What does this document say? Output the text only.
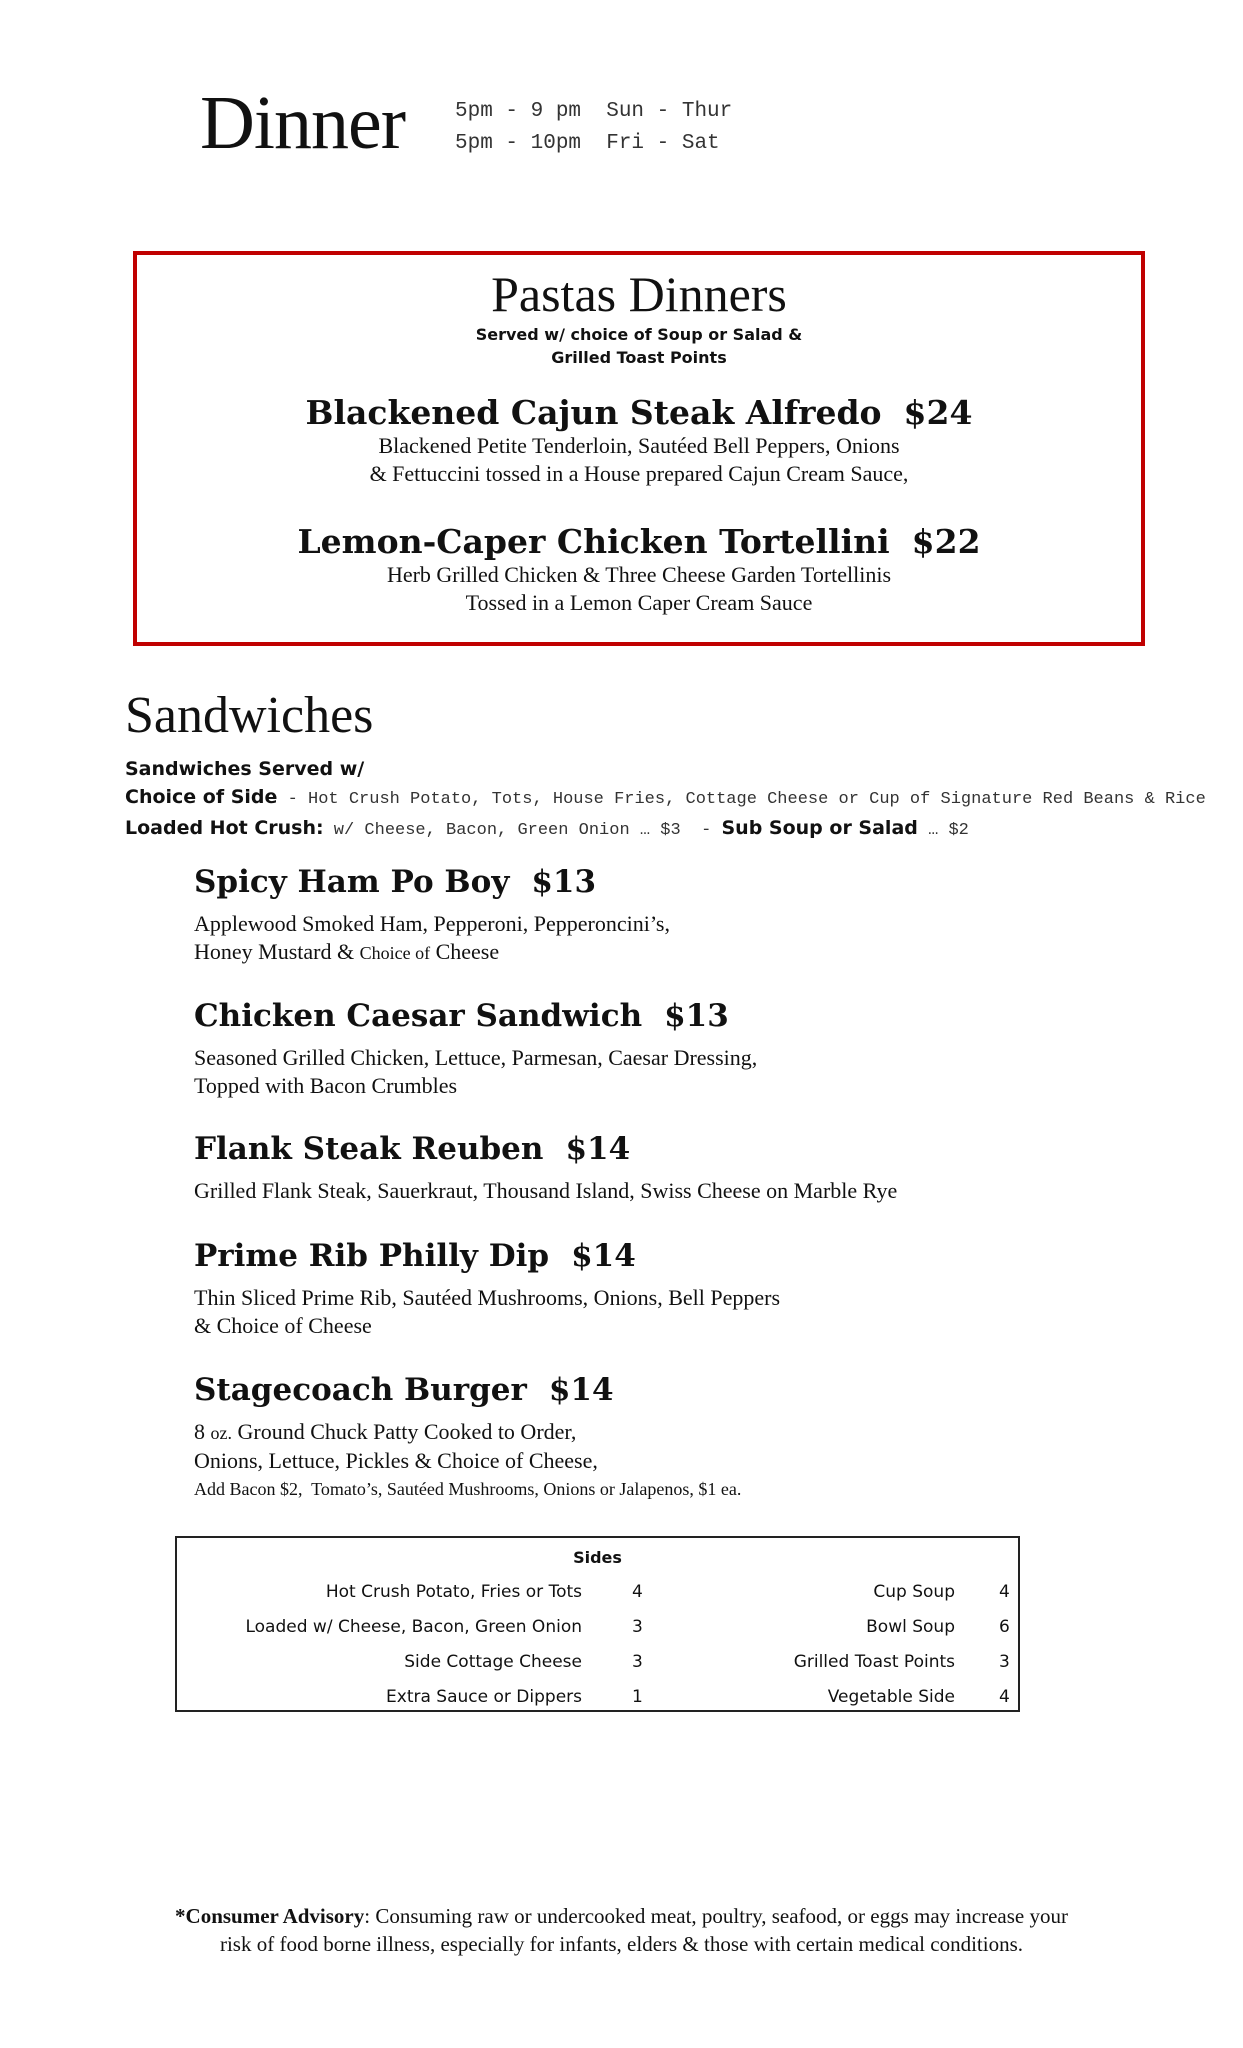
Dinner 5pm - 9 pm  Sun - Thur
5pm - 10pm  Fri - Sat
Pastas Dinners
Served w/ choice of Soup or Salad &
Grilled Toast Points
Blackened Cajun Steak Alfredo $24
Blackened Petite Tenderloin, Sautéed Bell Peppers, Onions
& Fettuccini tossed in a House prepared Cajun Cream Sauce,
Lemon-Caper Chicken Tortellini $22
Herb Grilled Chicken & Three Cheese Garden Tortellinis
Tossed in a Lemon Caper Cream Sauce
Sandwiches
Sandwiches Served w/
Choice of Side - Hot Crush Potato, Tots, House Fries, Cottage Cheese or Cup of Signature Red Beans & Rice
Loaded Hot Crush: w/ Cheese, Bacon, Green Onion … $3  - Sub Soup or Salad … $2
Spicy Ham Po Boy $13
Applewood Smoked Ham, Pepperoni, Pepperoncini’s,
Honey Mustard & Choice of Cheese
Chicken Caesar Sandwich $13
Seasoned Grilled Chicken, Lettuce, Parmesan, Caesar Dressing,
Topped with Bacon Crumbles
Flank Steak Reuben $14
Grilled Flank Steak, Sauerkraut, Thousand Island, Swiss Cheese on Marble Rye
Prime Rib Philly Dip $14
Thin Sliced Prime Rib, Sautéed Mushrooms, Onions, Bell Peppers
& Choice of Cheese
Stagecoach Burger $14
8 oz. Ground Chuck Patty Cooked to Order,
Onions, Lettuce, Pickles & Choice of Cheese,
Add Bacon $2,  Tomato’s, Sautéed Mushrooms, Onions or Jalapenos, $1 ea.
Sides
Hot Crush Potato, Fries or Tots	4
Loaded w/ Cheese, Bacon, Green Onion	3
Side Cottage Cheese	3
Extra Sauce or Dippers	1
Cup Soup	4
Bowl Soup	6
Grilled Toast Points	3
Vegetable Side	4
*Consumer Advisory: Consuming raw or undercooked meat, poultry, seafood, or eggs may increase your
risk of food borne illness, especially for infants, elders & those with certain medical conditions.
